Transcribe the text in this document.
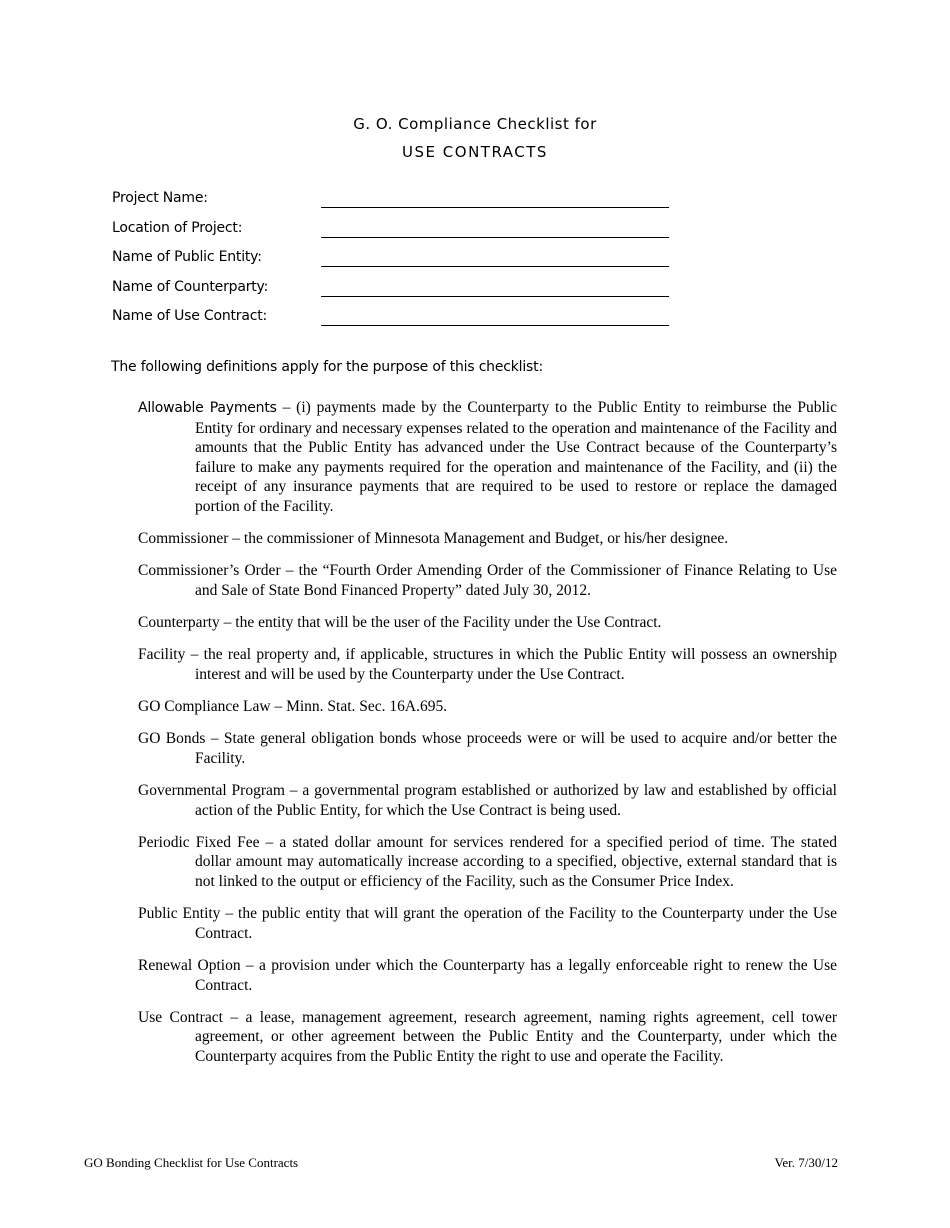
G. O. Compliance Checklist for
USE CONTRACTS
Project Name:
Location of Project:
Name of Public Entity:
Name of Counterparty:
Name of Use Contract:
The following definitions apply for the purpose of this checklist:

Allowable Payments – (i) payments made by the Counterparty to the Public Entity to reimburse the Public Entity for ordinary and necessary expenses related to the operation and maintenance of the Facility and amounts that the Public Entity has advanced under the Use Contract because of the Counterparty’s failure to make any payments required for the operation and maintenance of the Facility, and (ii) the receipt of any insurance payments that are required to be used to restore or replace the damaged portion of the Facility.

Commissioner – the commissioner of Minnesota Management and Budget, or his/her designee.

Commissioner’s Order – the “Fourth Order Amending Order of the Commissioner of Finance Relating to Use and Sale of State Bond Financed Property” dated July 30, 2012.

Counterparty – the entity that will be the user of the Facility under the Use Contract.

Facility – the real property and, if applicable, structures in which the Public Entity will possess an ownership interest and will be used by the Counterparty under the Use Contract.

GO Compliance Law – Minn. Stat. Sec. 16A.695.

GO Bonds – State general obligation bonds whose proceeds were or will be used to acquire and/or better the Facility.

Governmental Program – a governmental program established or authorized by law and established by official action of the Public Entity, for which the Use Contract is being used.

Periodic Fixed Fee – a stated dollar amount for services rendered for a specified period of time. The stated dollar amount may automatically increase according to a specified, objective, external standard that is not linked to the output or efficiency of the Facility, such as the Consumer Price Index.

Public Entity – the public entity that will grant the operation of the Facility to the Counterparty under the Use Contract.

Renewal Option – a provision under which the Counterparty has a legally enforceable right to renew the Use Contract.

Use Contract – a lease, management agreement, research agreement, naming rights agreement, cell tower agreement, or other agreement between the Public Entity and the Counterparty, under which the Counterparty acquires from the Public Entity the right to use and operate the Facility.

GO Bonding Checklist for Use Contracts	Ver. 7/30/12
